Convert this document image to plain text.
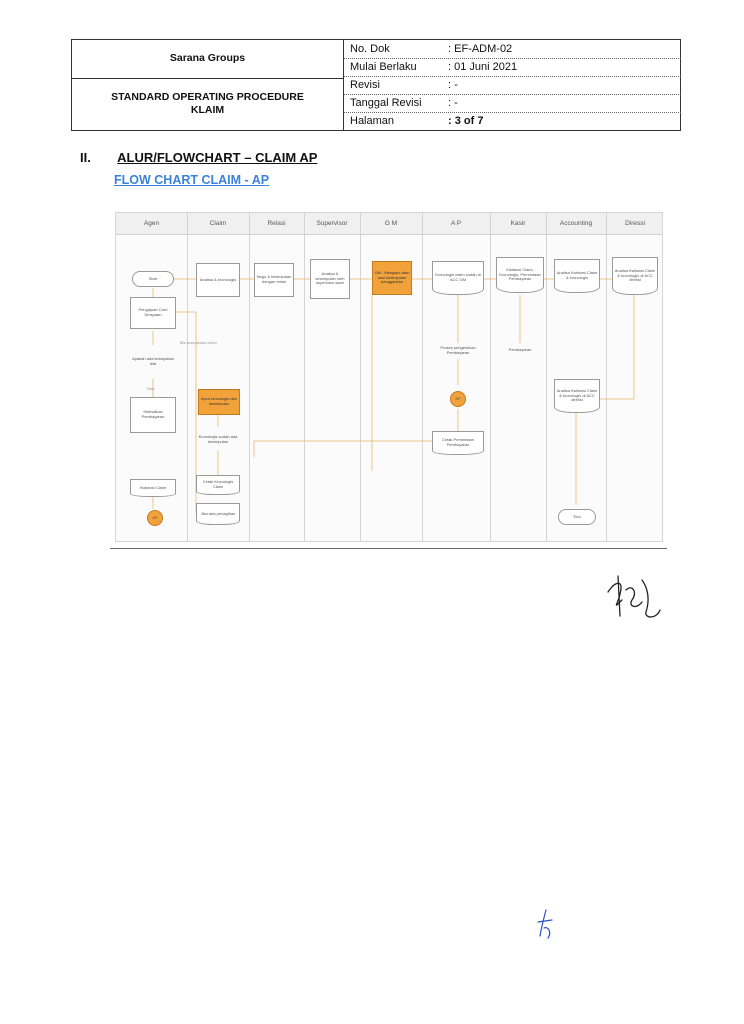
Sarana Groups
STANDARD OPERATING PROCEDURE
KLAIM
No. Dok	: EF-ADM-02
Mulai Berlaku	: 01 Juni 2021
Revisi	: -
Tanggal Revisi	: -
Halaman	: 3 of 7
II. ALUR/FLOWCHART – CLAIM AP
FLOW CHART CLAIM - AP
Agen	Claim	Relasi	Supervisor	G M	A P	Kasir	Accounting	Diressi
Start
Pengajuan Card Dinspaan
Apakah ada kesepakan diat
Selesaikan Pembayaran
Kwitansi Claim
AP
Bila kesepakatan belum
Tidak
Analisa & kronologis
Input kronologis dan kesimpulan
Kronologis sudah ada kesimpulan
Cetak Kronologis Claim
Jika ada penagihan
Nego & kesimpulan dengan relasi
Analisa & kesimpulan oleh supervisor kiam
GM : Mengacc atau usul kesimpulan penggantian
Kronologis claim sudah di ACC GM
Proses pengecekan Pembayaran
AP
Cetak Permintaan Pembayaran
Kwitansi Claim, Kronologis, Permintaan Pembayaran
Pembayaran
Analisa Kwitansi Claim & kronologis
Analisa Kwitansi Claim & kronologis di ACC direksi
End
Analisa Kwitansi Claim & kronologis di ACC direksi
